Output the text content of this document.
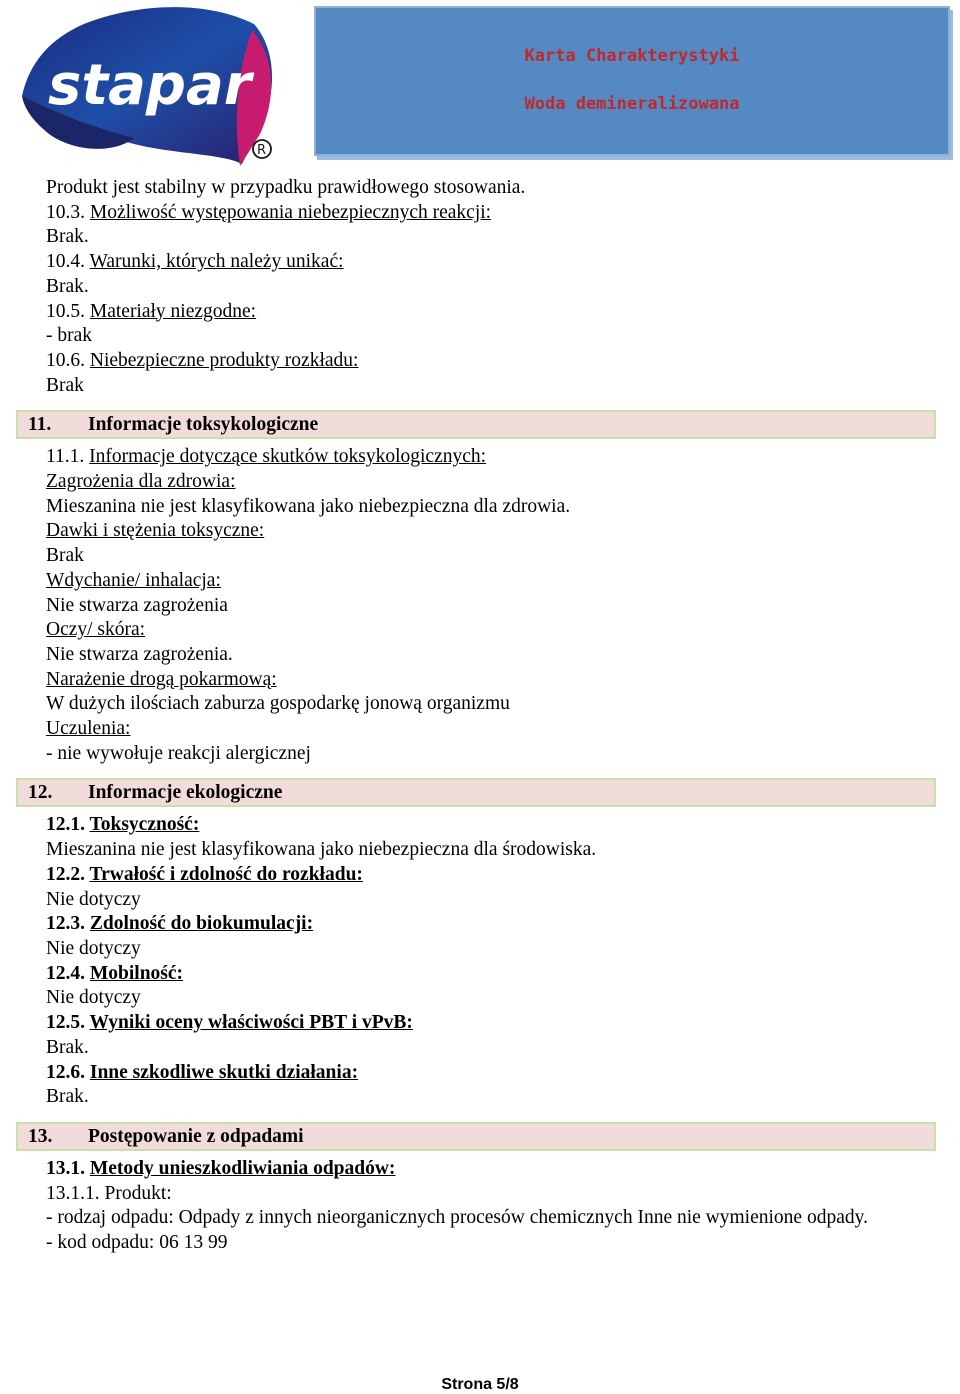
stapar
R
Karta Charakterystyki
Woda demineralizowana
Produkt jest stabilny w przypadku prawidłowego stosowania.
10.3. Możliwość występowania niebezpiecznych reakcji:
Brak.
10.4. Warunki, których należy unikać:
Brak.
10.5. Materiały niezgodne:
- brak
10.6. Niebezpieczne produkty rozkładu:
Brak
11. Informacje toksykologiczne
11.1. Informacje dotyczące skutków toksykologicznych:
Zagrożenia dla zdrowia:
Mieszanina nie jest klasyfikowana jako niebezpieczna dla zdrowia.
Dawki i stężenia toksyczne:
Brak
Wdychanie/ inhalacja:
Nie stwarza zagrożenia
Oczy/ skóra:
Nie stwarza zagrożenia.
Narażenie drogą pokarmową:
W dużych ilościach zaburza gospodarkę jonową organizmu
Uczulenia:
- nie wywołuje reakcji alergicznej
12. Informacje ekologiczne
12.1. Toksyczność:
Mieszanina nie jest klasyfikowana jako niebezpieczna dla środowiska.
12.2. Trwałość i zdolność do rozkładu:
Nie dotyczy
12.3. Zdolność do biokumulacji:
Nie dotyczy
12.4. Mobilność:
Nie dotyczy
12.5. Wyniki oceny właściwości PBT i vPvB:
Brak.
12.6. Inne szkodliwe skutki działania:
Brak.
13. Postępowanie z odpadami
13.1. Metody unieszkodliwiania odpadów:
13.1.1. Produkt:
- rodzaj odpadu: Odpady z innych nieorganicznych procesów chemicznych Inne nie wymienione odpady.
- kod odpadu: 06 13 99
Strona 5/8
